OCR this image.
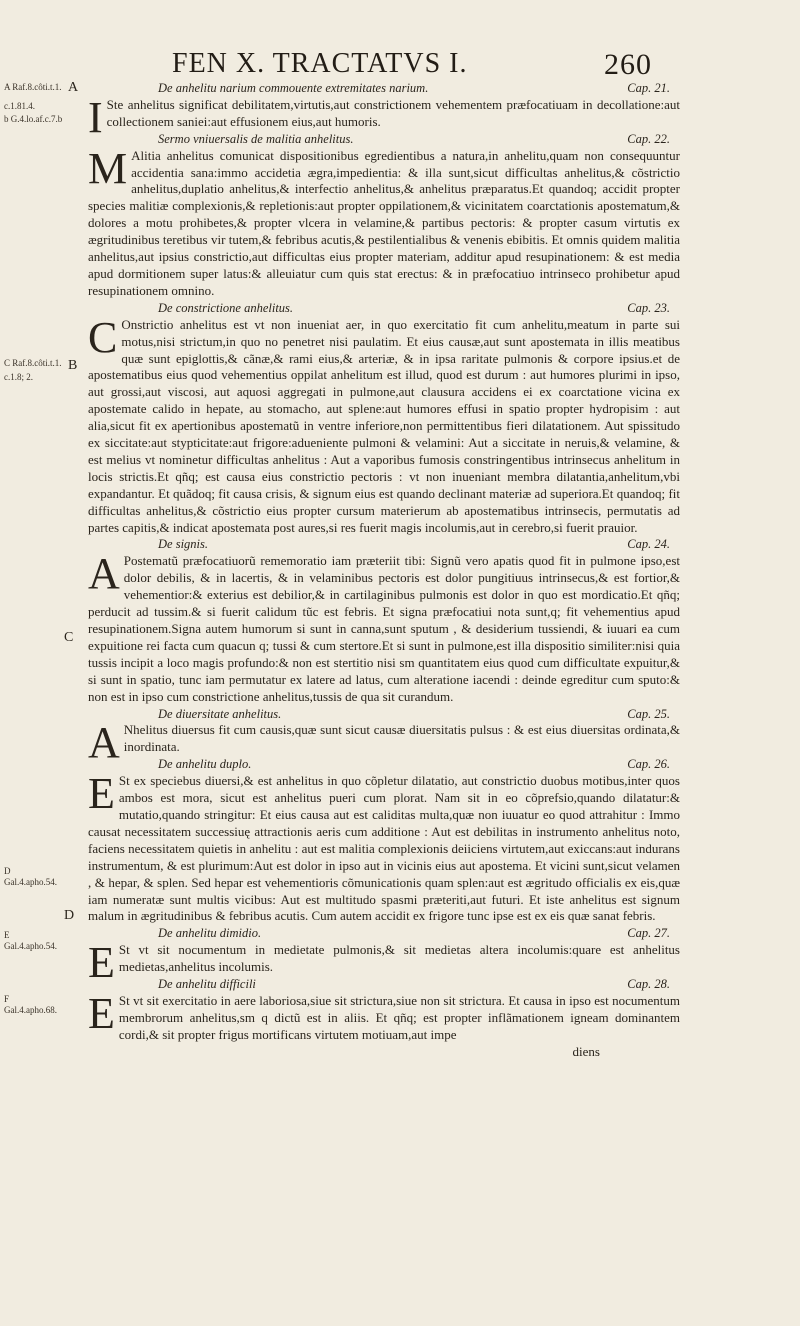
FEN X. TRACTATVS I.	260
A Raf.8.côti.t.1.
c.1.81.4.
b G.4.lo.af.c.7.b
C Raf.8.côti.t.1.
c.1.8; 2.
D Gal.4.apho.54.
E Gal.4.apho.54.
F Gal.4.apho.68.
A
B
C
D
De anhelitu narium commouente extremitates narium.	Cap. 21.

I Ste anhelitus significat debilitatem,virtutis,aut constrictionem vehementem præfocatiuam in decollatione:aut collectionem saniei:aut effusionem eius,aut humoris.

Sermo vniuersalis de malitia anhelitus.	Cap. 22.

M Alitia anhelitus comunicat dispositionibus egredientibus a natura,in anhelitu,quam non consequuntur accidentia sana:immo accidetia ægra,impedientia: & illa sunt,sicut difficultas anhelitus,& cõstrictio anhelitus,duplatio anhelitus,& interfectio anhelitus,& anhelitus præparatus.Et quandoq; accidit propter species malitiæ complexionis,& repletionis:aut propter oppilationem,& vicinitatem coarctationis apostematum,& dolores a motu prohibetes,& propter vlcera in velamine,& partibus pectoris: & propter casum virtutis ex ægritudinibus teretibus vir tutem,& febribus acutis,& pestilentialibus & venenis ebibitis. Et omnis quidem malitia anhelitus,aut ipsius constrictio,aut difficultas eius propter materiam, additur apud resupinationem: & est media apud dormitionem super latus:& alleuiatur cum quis stat erectus: & in præfocatiuo intrinseco prohibetur apud resupinationem omnino.

De constrictione anhelitus.	Cap. 23.

C Onstrictio anhelitus est vt non inueniat aer, in quo exercitatio fit cum anhelitu,meatum in parte sui motus,nisi strictum,in quo no penetret nisi paulatim. Et eius causæ,aut sunt apostemata in illis meatibus quæ sunt epiglottis,& cãnæ,& rami eius,& arteriæ, & in ipsa raritate pulmonis & corpore ipsius.et de apostematibus eius quod vehementius oppilat anhelitum est illud, quod est durum : aut humores plurimi in ipso, aut grossi,aut viscosi, aut aquosi aggregati in pulmone,aut clausura accidens ei ex coarctatione vicina ex apostemate calido in hepate, au stomacho, aut splene:aut humores effusi in spatio propter hydropisim : aut alia,sicut fit ex apertionibus apostematũ in ventre inferiore,non permittentibus fieri dilatationem. Aut spissitudo ex siccitate:aut stypticitate:aut frigore:adueniente pulmoni & velamini: Aut a siccitate in neruis,& velamine, & est melius vt nominetur difficultas anhelitus : Aut a vaporibus fumosis constringentibus intrinsecus anhelitum in locis strictis.Et qñq; est causa eius constrictio pectoris : vt non inueniant membra dilatantia,anhelitum,vbi expandantur. Et quãdoq; fit causa crisis, & signum eius est quando declinant materiæ ad superiora.Et quandoq; fit difficultas anhelitus,& cõstrictio eius propter cursum materierum ab apostematibus intrinsecis, permutatis ad partes capitis,& indicat apostemata post aures,si res fuerit magis incolumis,aut in cerebro,si fuerit prauior.

De signis.	Cap. 24.

A Postematũ præfocatiuorũ rememoratio iam præteriit tibi: Signũ vero apatis quod fit in pulmone ipso,est dolor debilis, & in lacertis, & in velaminibus pectoris est dolor pungitiuus intrinsecus,& est fortior,& vehementior:& exterius est debilior,& in cartilaginibus pulmonis est dolor in quo est mordicatio.Et qñq; perducit ad tussim.& si fuerit calidum tũc est febris. Et signa præfocatiui nota sunt,q; fit vehementius apud resupinationem.Signa autem humorum si sunt in canna,sunt sputum , & desiderium tussiendi, & iuuari ea cum expuitione rei facta cum quacun q; tussi & cum stertore.Et si sunt in pulmone,est illa dispositio similiter:nisi quia tussis incipit a loco magis profundo:& non est stertitio nisi sm quantitatem eius quod cum difficultate expuitur,& si sunt in spatio, tunc iam permutatur ex latere ad latus, cum alteratione iacendi : deinde egreditur cum sputo:& non est in ipso cum constrictione anhelitus,tussis de qua sit curandum.

De diuersitate anhelitus.	Cap. 25.

A Nhelitus diuersus fit cum causis,quæ sunt sicut causæ diuersitatis pulsus : & est eius diuersitas ordinata,& inordinata.

De anhelitu duplo.	Cap. 26.

E St ex speciebus diuersi,& est anhelitus in quo cõpletur dilatatio, aut constrictio duobus motibus,inter quos ambos est mora, sicut est anhelitus pueri cum plorat. Nam sit in eo cõprefsio,quando dilatatur:& mutatio,quando stringitur: Et eius causa aut est caliditas multa,quæ non iuuatur eo quod attrahitur : Immo causat necessitatem successiuę attractionis aeris cum additione : Aut est debilitas in instrumento anhelitus noto, faciens necessitatem quietis in anhelitu : aut est malitia complexionis deiiciens virtutem,aut exiccans:aut indurans instrumentum, & est plurimum:Aut est dolor in ipso aut in vicinis eius aut apostema. Et vicini sunt,sicut velamen , & hepar, & splen. Sed hepar est vehementioris cõmunicationis quam splen:aut est ægritudo officialis ex eis,quæ iam numeratæ sunt multis vicibus: Aut est multitudo spasmi præteriti,aut futuri. Et iste anhelitus est signum malum in ægritudinibus & febribus acutis. Cum autem accidit ex frigore tunc ipse est ex eis quæ sanat febris.

De anhelitu dimidio.	Cap. 27.

E St vt sit nocumentum in medietate pulmonis,& sit medietas altera incolumis:quare est anhelitus medietas,anhelitus incolumis.

De anhelitu difficili	Cap. 28.

E St vt sit exercitatio in aere laboriosa,siue sit strictura,siue non sit strictura. Et causa in ipso est nocumentum membrorum anhelitus,sm q dictũ est in aliis. Et qñq; est propter inflãmationem igneam dominantem cordi,& sit propter frigus mortificans virtutem motiuam,aut impe

diens
